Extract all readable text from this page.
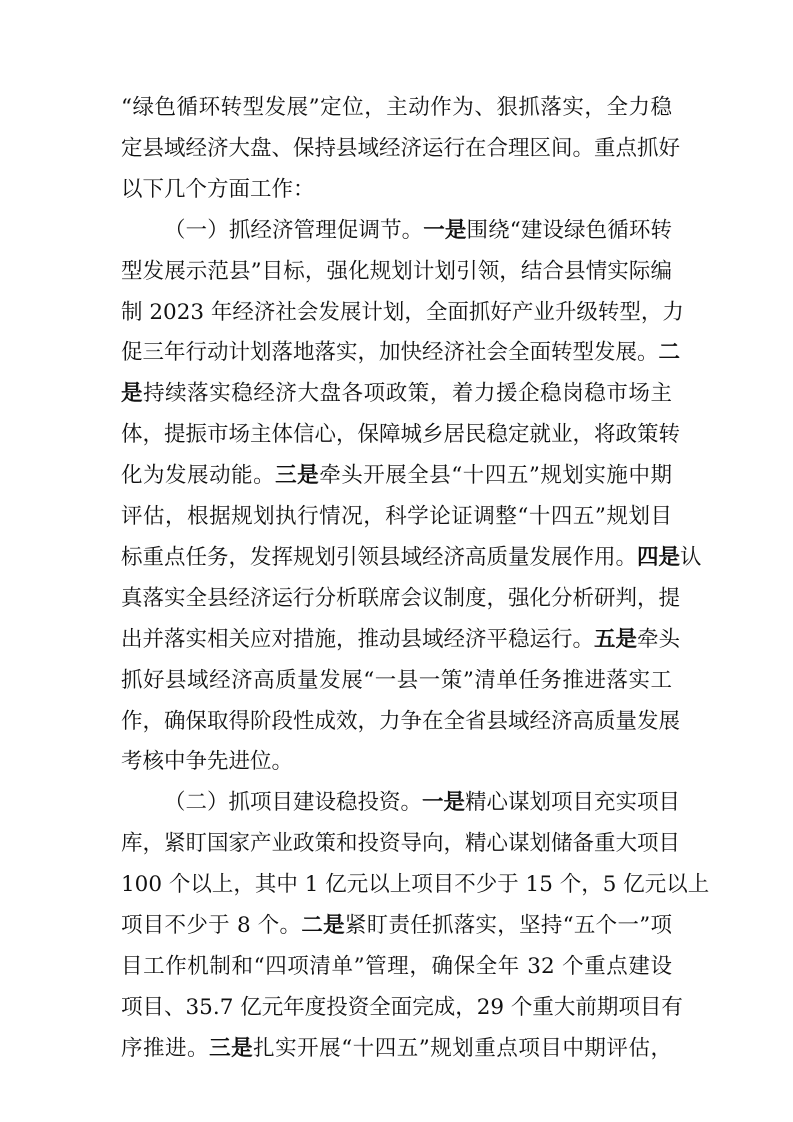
“绿色循环转型发展”定位，主动作为、狠抓落实，全力稳
定县域经济大盘、保持县域经济运行在合理区间。重点抓好
以下几个方面工作：
（一）抓经济管理促调节。一是围绕“建设绿色循环转
型发展示范县”目标，强化规划计划引领，结合县情实际编
制 2023 年经济社会发展计划，全面抓好产业升级转型，力
促三年行动计划落地落实，加快经济社会全面转型发展。二
是持续落实稳经济大盘各项政策，着力援企稳岗稳市场主
体，提振市场主体信心，保障城乡居民稳定就业，将政策转
化为发展动能。三是牵头开展全县“十四五”规划实施中期
评估，根据规划执行情况，科学论证调整“十四五”规划目
标重点任务，发挥规划引领县域经济高质量发展作用。四是认
真落实全县经济运行分析联席会议制度，强化分析研判，提
出并落实相关应对措施，推动县域经济平稳运行。五是牵头
抓好县域经济高质量发展“一县一策”清单任务推进落实工
作，确保取得阶段性成效，力争在全省县域经济高质量发展
考核中争先进位。
（二）抓项目建设稳投资。一是精心谋划项目充实项目
库，紧盯国家产业政策和投资导向，精心谋划储备重大项目
100 个以上，其中 1 亿元以上项目不少于 15 个，5 亿元以上
项目不少于 8 个。二是紧盯责任抓落实，坚持“五个一”项
目工作机制和“四项清单”管理，确保全年 32 个重点建设
项目、35.7 亿元年度投资全面完成，29 个重大前期项目有
序推进。三是扎实开展“十四五”规划重点项目中期评估，
